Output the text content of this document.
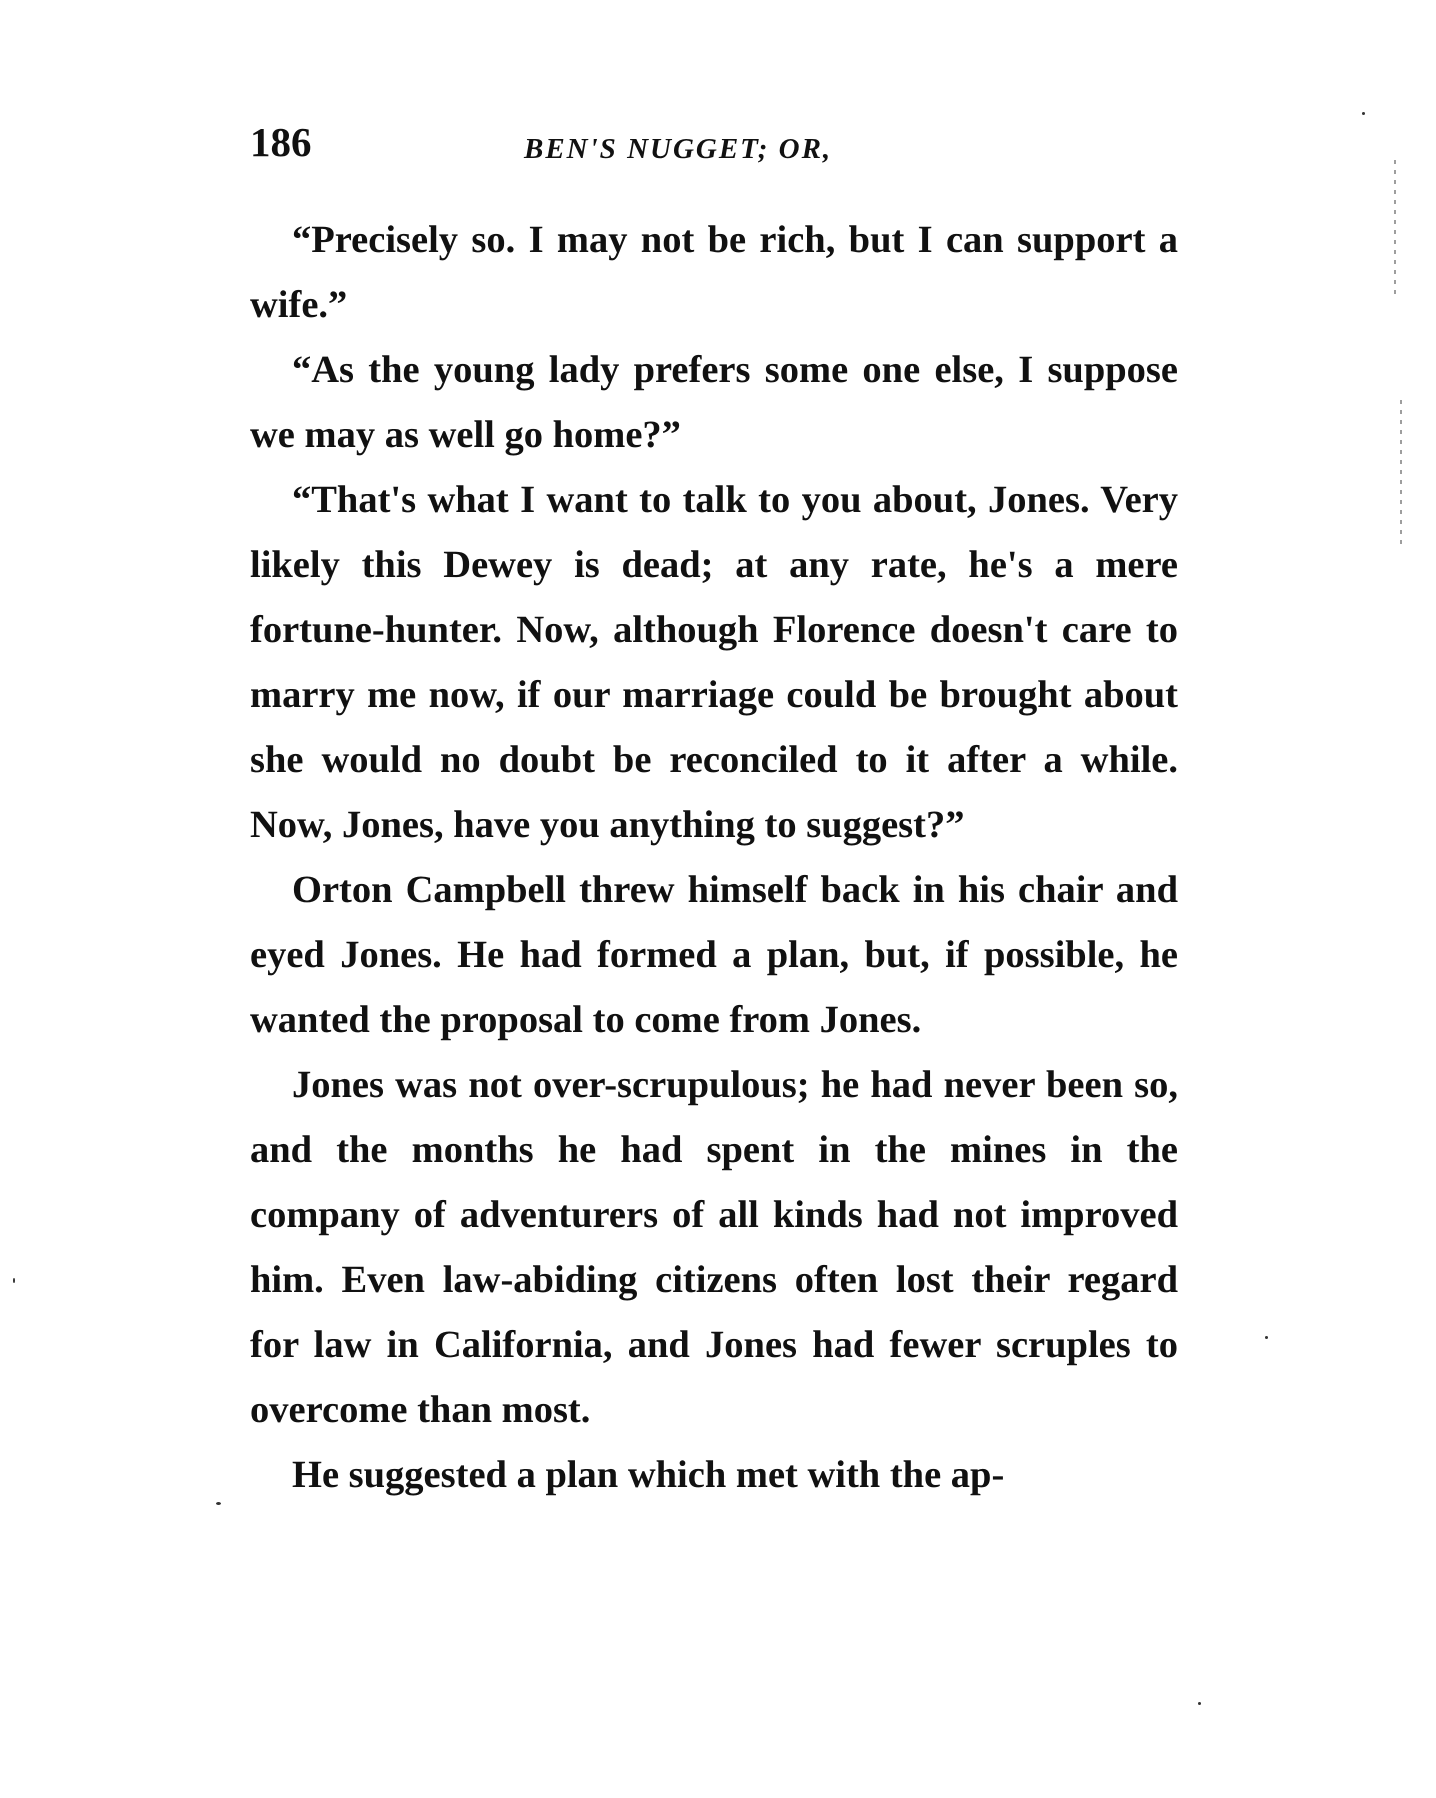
186	BEN'S NUGGET; OR,

“Precisely so. I may not be rich, but I can support a wife.”

“As the young lady prefers some one else, I suppose we may as well go home?”

“That's what I want to talk to you about, Jones. Very likely this Dewey is dead; at any rate, he's a mere fortune-hunter. Now, although Florence doesn't care to marry me now, if our marriage could be brought about she would no doubt be reconciled to it after a while. Now, Jones, have you anything to suggest?”

Orton Campbell threw himself back in his chair and eyed Jones. He had formed a plan, but, if possible, he wanted the proposal to come from Jones.

Jones was not over-scrupulous; he had never been so, and the months he had spent in the mines in the company of adventurers of all kinds had not improved him. Even law-abiding citizens often lost their regard for law in California, and Jones had fewer scruples to overcome than most.

He suggested a plan which met with the ap-
